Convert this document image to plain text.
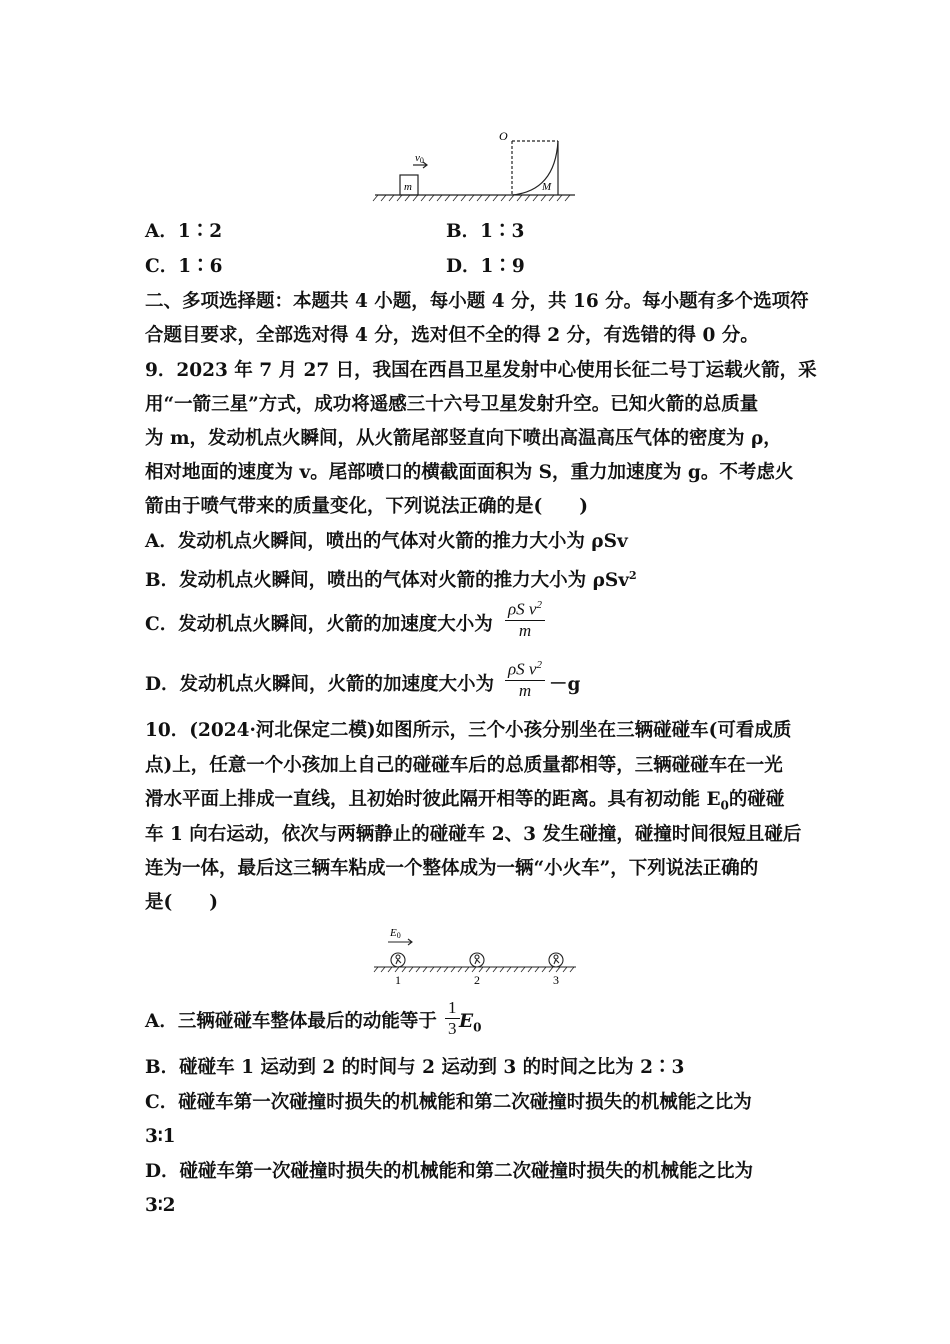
m
v0
O
M
A．1∶2	B．1∶3
C．1∶6	D．1∶9
二、多项选择题：本题共 4 小题，每小题 4 分，共 16 分。每小题有多个选项符
合题目要求，全部选对得 4 分，选对但不全的得 2 分，有选错的得 0 分。
9．2023 年 7 月 27 日，我国在西昌卫星发射中心使用长征二号丁运载火箭，采
用“一箭三星”方式，成功将遥感三十六号卫星发射升空。已知火箭的总质量
为 m，发动机点火瞬间，从火箭尾部竖直向下喷出高温高压气体的密度为 ρ，
相对地面的速度为 v。尾部喷口的横截面面积为 S，重力加速度为 g。不考虑火
箭由于喷气带来的质量变化，下列说法正确的是(　　)
A．发动机点火瞬间，喷出的气体对火箭的推力大小为 ρSv
B．发动机点火瞬间，喷出的气体对火箭的推力大小为 ρSv$^2$
C．发动机点火瞬间，火箭的加速度大小为 $\frac{\rho S v^2}{m}$
D．发动机点火瞬间，火箭的加速度大小为 $\frac{\rho S v^2}{m} -g$
10．(2024·河北保定二模)如图所示，三个小孩分别坐在三辆碰碰车(可看成质
点)上，任意一个小孩加上自己的碰碰车后的总质量都相等，三辆碰碰车在一光
滑水平面上排成一直线，且初始时彼此隔开相等的距离。具有初动能 $E_0$的碰碰
车 1 向右运动，依次与两辆静止的碰碰车 2、3 发生碰撞，碰撞时间很短且碰后
连为一体，最后这三辆车粘成一个整体成为一辆“小火车”，下列说法正确的
是(　　)
E0
1	2	3
A．三辆碰碰车整体最后的动能等于 $\frac{1}{3} E_0$
B．碰碰车 1 运动到 2 的时间与 2 运动到 3 的时间之比为 2∶3
C．碰碰车第一次碰撞时损失的机械能和第二次碰撞时损失的机械能之比为
3∶1
D．碰碰车第一次碰撞时损失的机械能和第二次碰撞时损失的机械能之比为
3∶2
